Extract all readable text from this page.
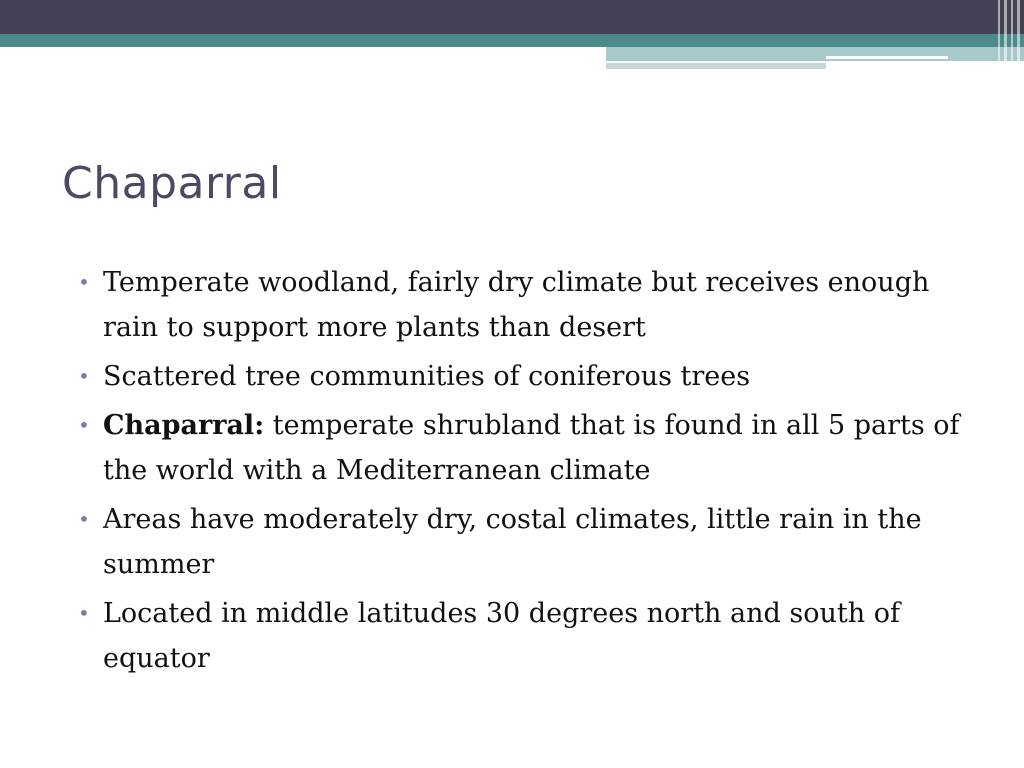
Chaparral
• Temperate woodland, fairly dry climate but receives enough rain to support more plants than desert
• Scattered tree communities of coniferous trees
• Chaparral: temperate shrubland that is found in all 5 parts of the world with a Mediterranean climate
• Areas have moderately dry, costal climates, little rain in the summer
• Located in middle latitudes 30 degrees north and south of equator
